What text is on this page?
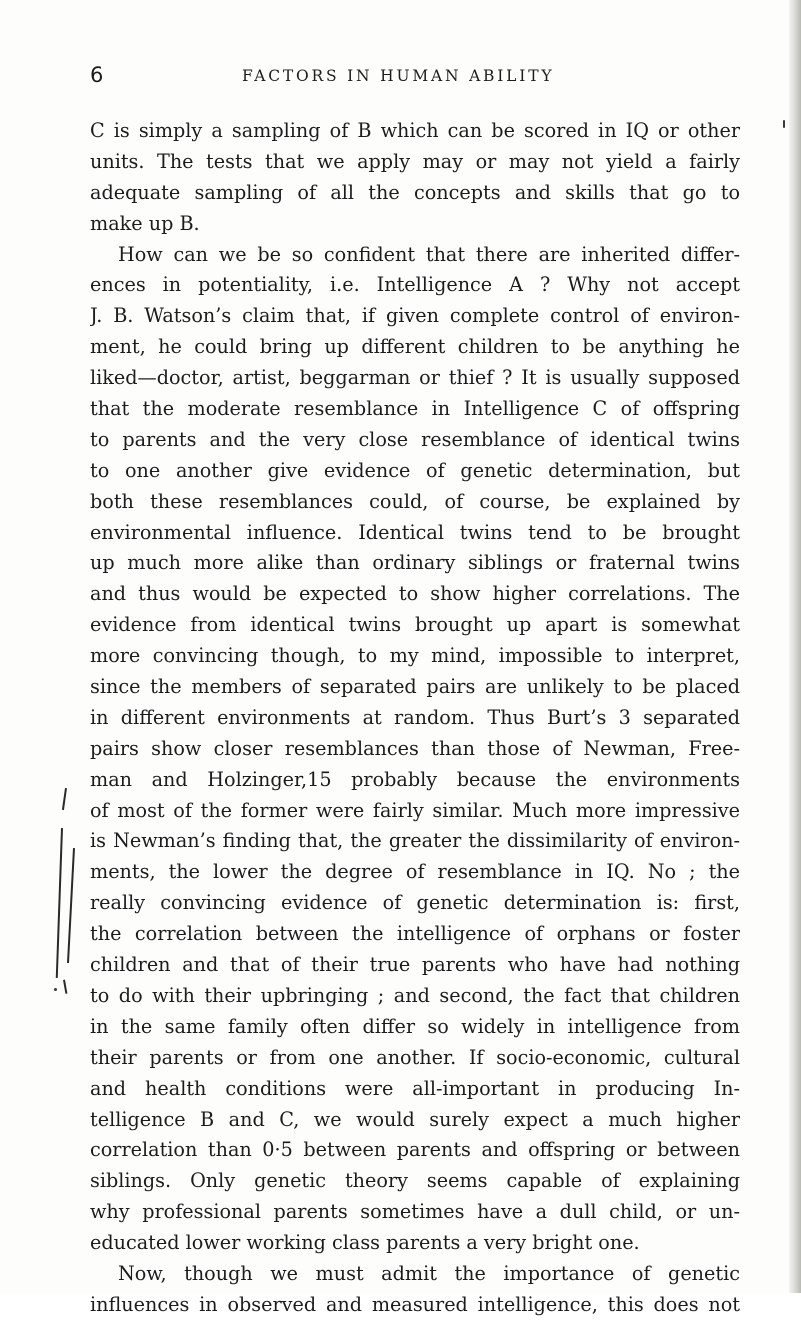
6	FACTORS IN HUMAN ABILITY
C is simply a sampling of B which can be scored in IQ or other
units. The tests that we apply may or may not yield a fairly
adequate sampling of all the concepts and skills that go to
make up B.
How can we be so confident that there are inherited differ-
ences in potentiality, i.e. Intelligence A ? Why not accept
J. B. Watson’s claim that, if given complete control of environ-
ment, he could bring up different children to be anything he
liked—doctor, artist, beggarman or thief ? It is usually supposed
that the moderate resemblance in Intelligence C of offspring
to parents and the very close resemblance of identical twins
to one another give evidence of genetic determination, but
both these resemblances could, of course, be explained by
environmental influence. Identical twins tend to be brought
up much more alike than ordinary siblings or fraternal twins
and thus would be expected to show higher correlations. The
evidence from identical twins brought up apart is somewhat
more convincing though, to my mind, impossible to interpret,
since the members of separated pairs are unlikely to be placed
in different environments at random. Thus Burt’s 3 separated
pairs show closer resemblances than those of Newman, Free-
man and Holzinger,15 probably because the environments
of most of the former were fairly similar. Much more impressive
is Newman’s finding that, the greater the dissimilarity of environ-
ments, the lower the degree of resemblance in IQ. No ; the
really convincing evidence of genetic determination is: first,
the correlation between the intelligence of orphans or foster
children and that of their true parents who have had nothing
to do with their upbringing ; and second, the fact that children
in the same family often differ so widely in intelligence from
their parents or from one another. If socio-economic, cultural
and health conditions were all-important in producing In-
telligence B and C, we would surely expect a much higher
correlation than 0·5 between parents and offspring or between
siblings. Only genetic theory seems capable of explaining
why professional parents sometimes have a dull child, or un-
educated lower working class parents a very bright one.
Now, though we must admit the importance of genetic
influences in observed and measured intelligence, this does not
